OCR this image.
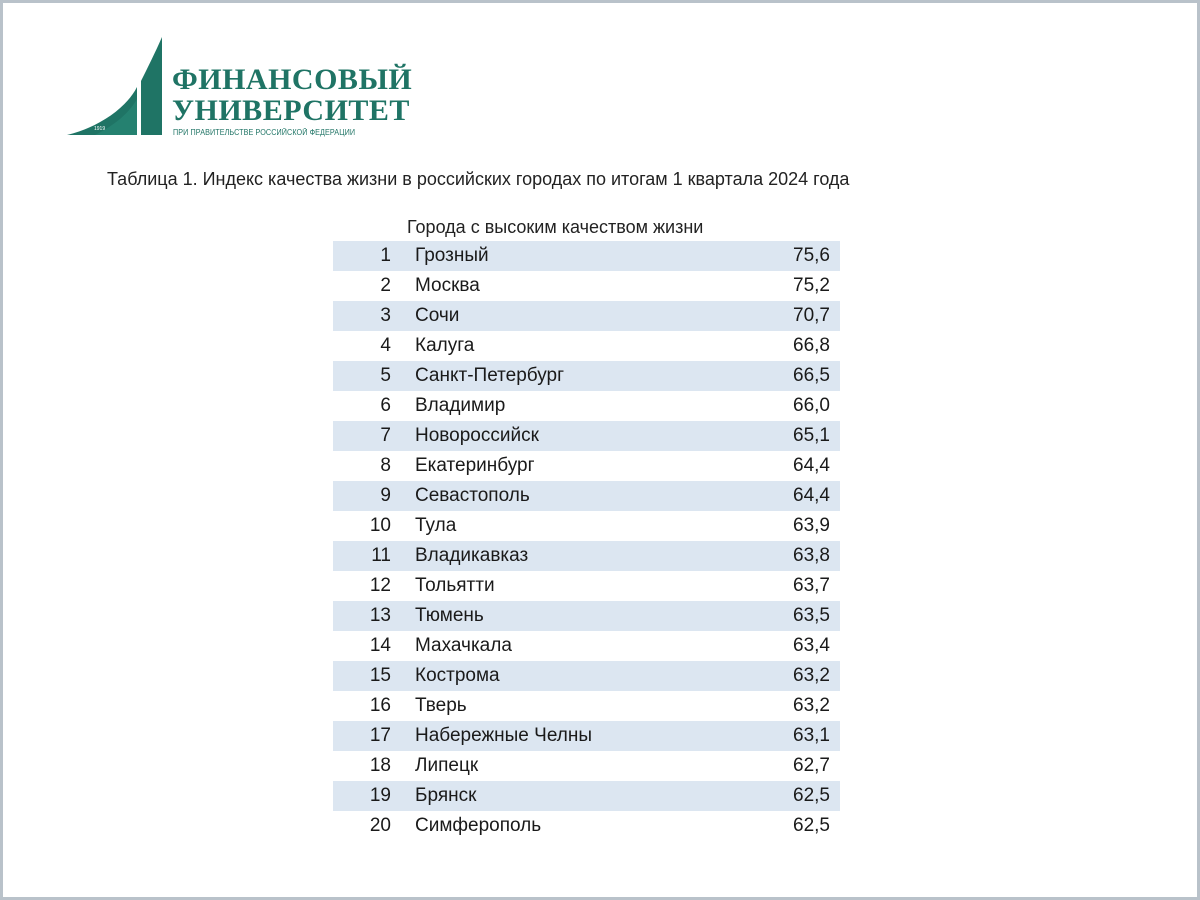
1919
ФИНАНСОВЫЙ
УНИВЕРСИТЕТ
ПРИ ПРАВИТЕЛЬСТВЕ РОССИЙСКОЙ ФЕДЕРАЦИИ
Таблица 1. Индекс качества жизни в российских городах по итогам 1 квартала 2024 года
Города с высоким качеством жизни
1	Грозный	75,6
2	Москва	75,2
3	Сочи	70,7
4	Калуга	66,8
5	Санкт-Петербург	66,5
6	Владимир	66,0
7	Новороссийск	65,1
8	Екатеринбург	64,4
9	Севастополь	64,4
10	Тула	63,9
11	Владикавказ	63,8
12	Тольятти	63,7
13	Тюмень	63,5
14	Махачкала	63,4
15	Кострома	63,2
16	Тверь	63,2
17	Набережные Челны	63,1
18	Липецк	62,7
19	Брянск	62,5
20	Симферополь	62,5
